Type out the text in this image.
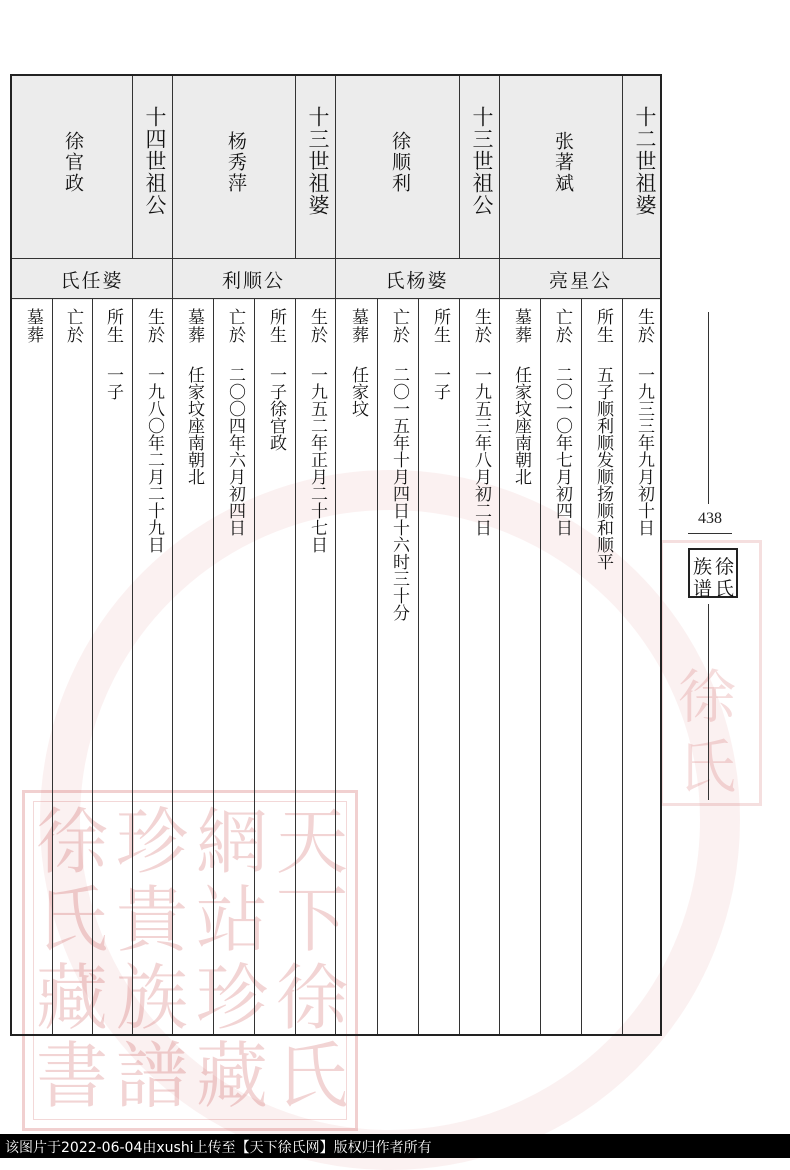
天
下
徐
氏
網
站
珍
藏
珍
貴
族
譜
徐
氏
藏
書
徐
氏
十二世祖婆
张著斌
亮星公
生於
所生
亡於
墓葬
一九三三年九月初十日
五子顺利顺发顺扬顺和顺平
二〇一〇年七月初四日
任家坟座南朝北
十三世祖公
徐顺利
氏杨婆
生於
所生
亡於
墓葬
一九五三年八月初二日
一子
二〇一五年十月四日十六时三十分
任家坟
十三世祖婆
杨秀萍
利顺公
生於
所生
亡於
墓葬
一九五二年正月二十七日
一子徐官政
二〇〇四年六月初四日
任家坟座南朝北
十四世祖公
徐官政
氏任婆
生於
所生
亡於
墓葬
一九八〇年二月二十九日
一子
438
徐
氏
族
谱
该图片于2022-06-04由xushi上传至【天下徐氏网】版权归作者所有
